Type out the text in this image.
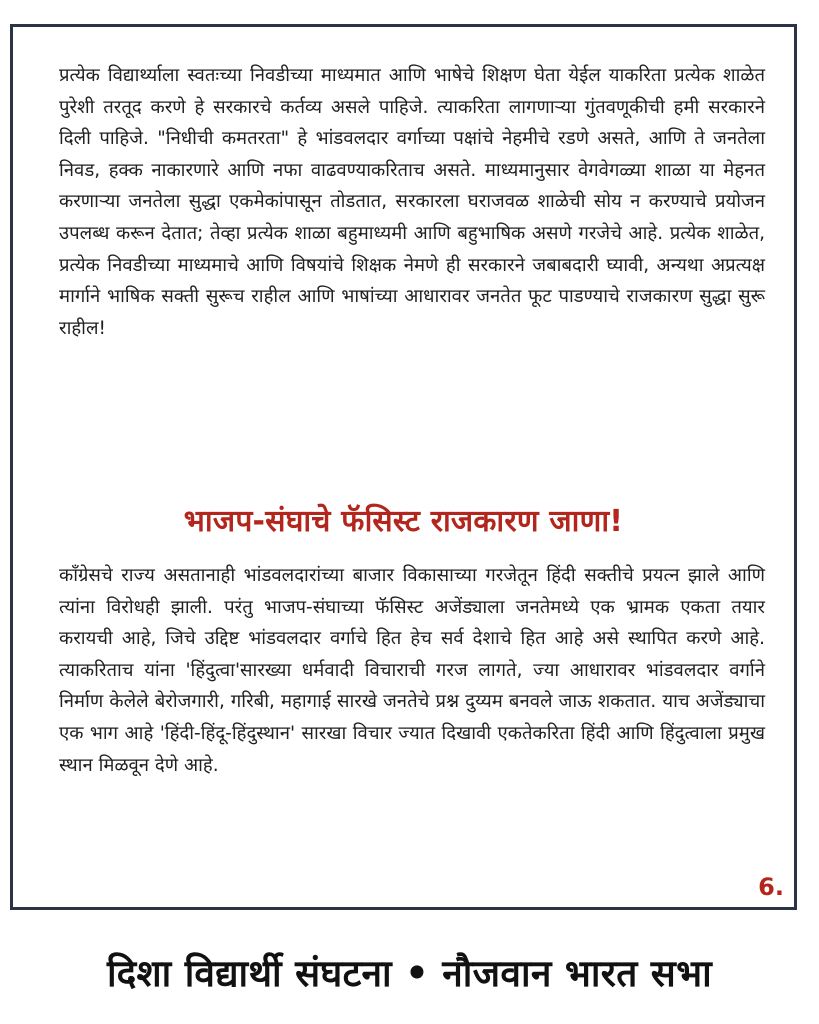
प्रत्येक विद्यार्थ्याला स्वतःच्या निवडीच्या माध्यमात आणि भाषेचे शिक्षण घेता येईल याकरिता प्रत्येक शाळेत पुरेशी तरतूद करणे हे सरकारचे कर्तव्य असले पाहिजे. त्याकरिता लागणाऱ्या गुंतवणूकीची हमी सरकारने दिली पाहिजे. "निधीची कमतरता" हे भांडवलदार वर्गाच्या पक्षांचे नेहमीचे रडणे असते, आणि ते जनतेला निवड, हक्क नाकारणारे आणि नफा वाढवण्याकरिताच असते. माध्यमानुसार वेगवेगळ्या शाळा या मेहनत करणाऱ्या जनतेला सुद्धा एकमेकांपासून तोडतात, सरकारला घराजवळ शाळेची सोय न करण्याचे प्रयोजन उपलब्ध करून देतात; तेव्हा प्रत्येक शाळा बहुमाध्यमी आणि बहुभाषिक असणे गरजेचे आहे. प्रत्येक शाळेत, प्रत्येक निवडीच्या माध्यमाचे आणि विषयांचे शिक्षक नेमणे ही सरकारने जबाबदारी घ्यावी, अन्यथा अप्रत्यक्ष मार्गाने भाषिक सक्ती सुरूच राहील आणि भाषांच्या आधारावर जनतेत फूट पाडण्याचे राजकारण सुद्धा सुरू राहील!

भाजप-संघाचे फॅसिस्ट राजकारण जाणा!

कॉंग्रेसचे राज्य असतानाही भांडवलदारांच्या बाजार विकासाच्या गरजेतून हिंदी सक्तीचे प्रयत्न झाले आणि त्यांना विरोधही झाली. परंतु भाजप-संघाच्या फॅसिस्ट अजेंड्याला जनतेमध्ये एक भ्रामक एकता तयार करायची आहे, जिचे उद्दिष्ट भांडवलदार वर्गाचे हित हेच सर्व देशाचे हित आहे असे स्थापित करणे आहे. त्याकरिताच यांना 'हिंदुत्वा'सारख्या धर्मवादी विचाराची गरज लागते, ज्या आधारावर भांडवलदार वर्गाने निर्माण केलेले बेरोजगारी, गरिबी, महागाई सारखे जनतेचे प्रश्न दुय्यम बनवले जाऊ शकतात. याच अजेंड्याचा एक भाग आहे 'हिंदी-हिंदू-हिंदुस्थान' सारखा विचार ज्यात दिखावी एकतेकरिता हिंदी आणि हिंदुत्वाला प्रमुख स्थान मिळवून देणे आहे.

6.
दिशा विद्यार्थी संघटना • नौजवान भारत सभा
